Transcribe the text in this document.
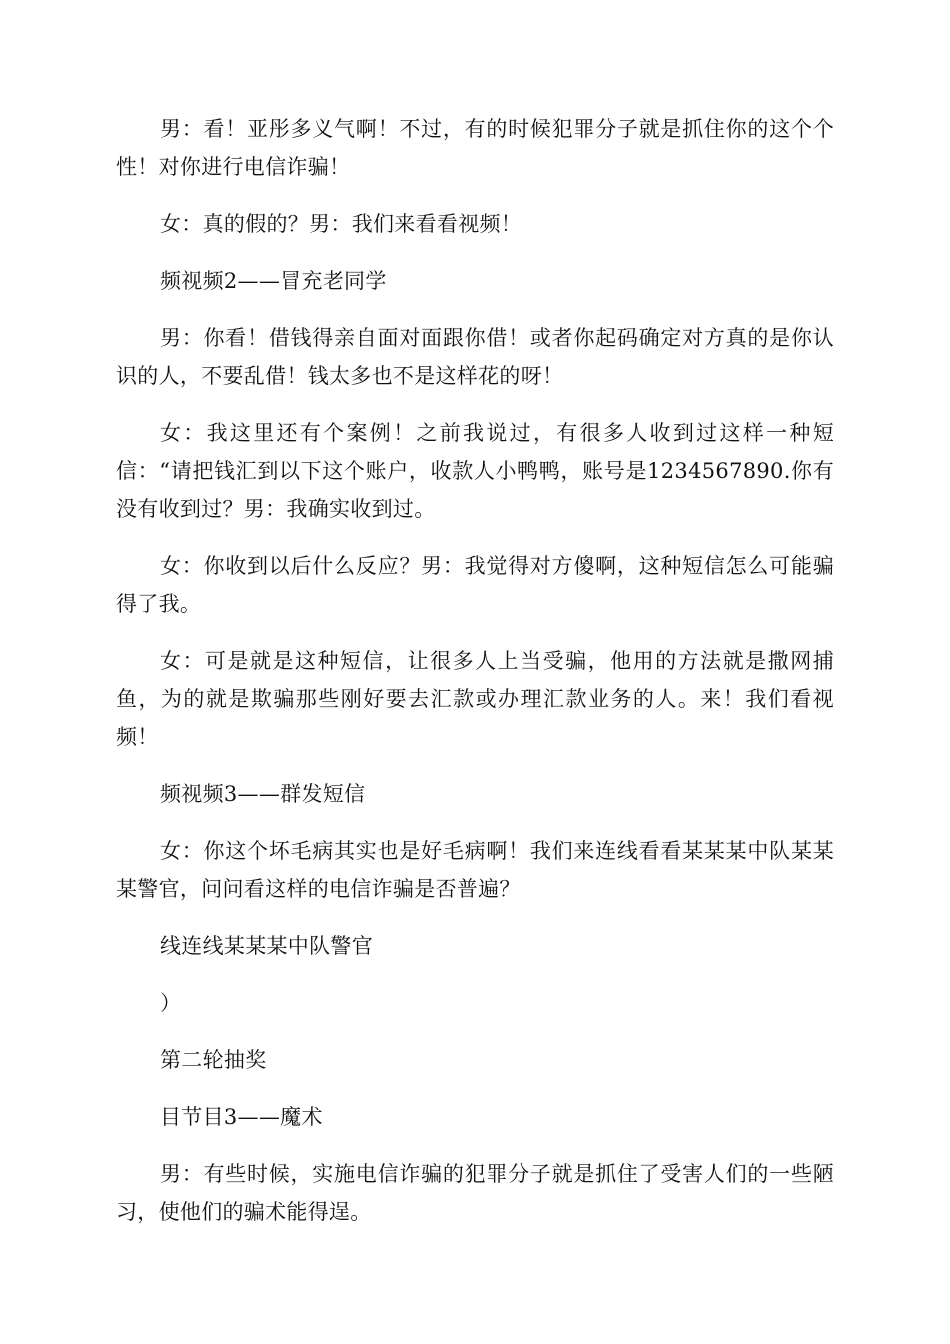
男：看！亚彤多义气啊！不过，有的时候犯罪分子就是抓住你的这个个性！对你进行电信诈骗！

女：真的假的？男：我们来看看视频！

频视频2——冒充老同学

男：你看！借钱得亲自面对面跟你借！或者你起码确定对方真的是你认识的人，不要乱借！钱太多也不是这样花的呀！

女：我这里还有个案例！之前我说过，有很多人收到过这样一种短信：“请把钱汇到以下这个账户，收款人小鸭鸭，账号是1234567890.你有没有收到过？男：我确实收到过。

女：你收到以后什么反应？男：我觉得对方傻啊，这种短信怎么可能骗得了我。

女：可是就是这种短信，让很多人上当受骗，他用的方法就是撒网捕鱼，为的就是欺骗那些刚好要去汇款或办理汇款业务的人。来！我们看视频！

频视频3——群发短信

女：你这个坏毛病其实也是好毛病啊！我们来连线看看某某某中队某某某警官，问问看这样的电信诈骗是否普遍？

线连线某某某中队警官

）

第二轮抽奖

目节目3——魔术

男：有些时候，实施电信诈骗的犯罪分子就是抓住了受害人们的一些陋习，使他们的骗术能得逞。
